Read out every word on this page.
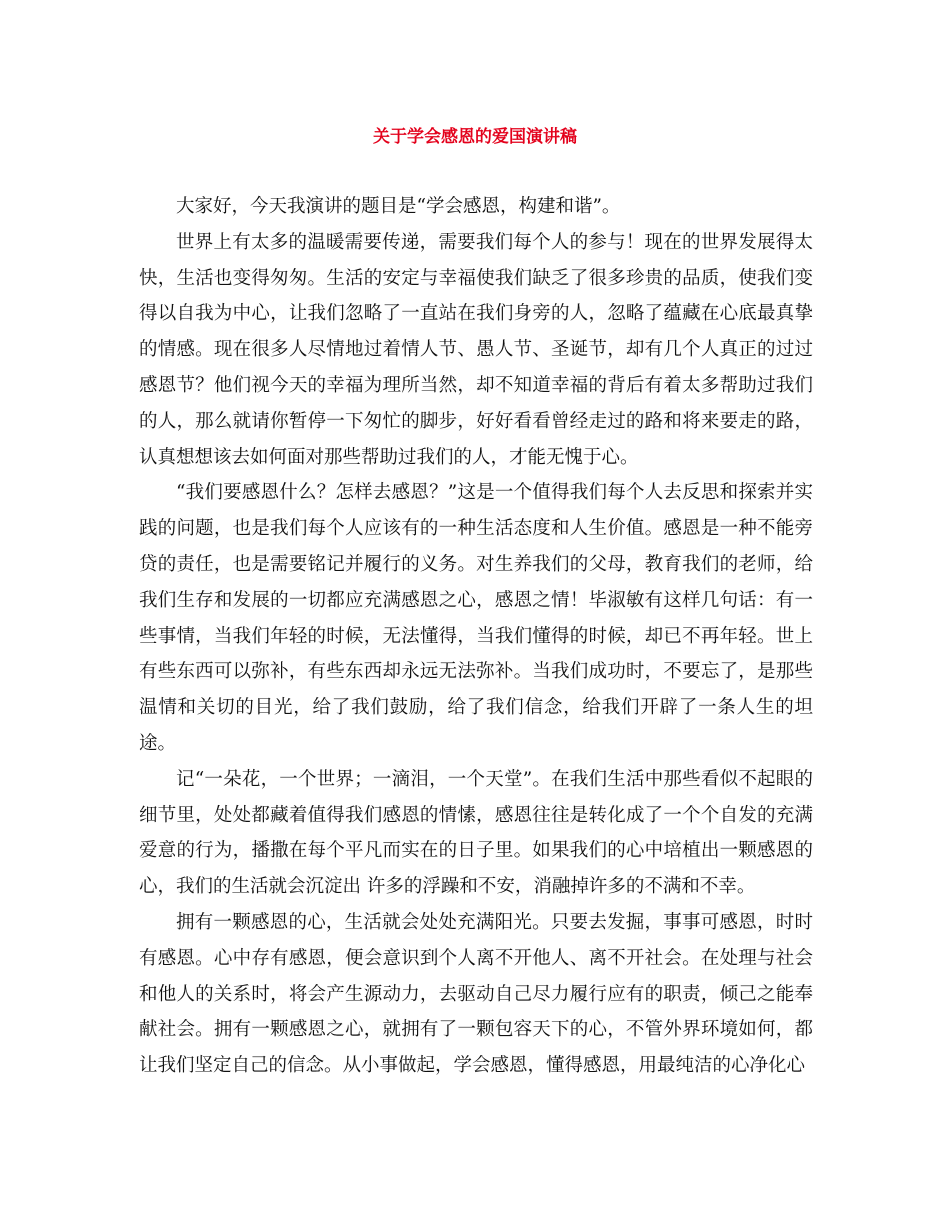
关于学会感恩的爱国演讲稿

大家好，今天我演讲的题目是“学会感恩，构建和谐”。

世界上有太多的温暖需要传递，需要我们每个人的参与！现在的世界发展得太快，生活也变得匆匆。生活的安定与幸福使我们缺乏了很多珍贵的品质，使我们变得以自我为中心，让我们忽略了一直站在我们身旁的人，忽略了蕴藏在心底最真挚的情感。现在很多人尽情地过着情人节、愚人节、圣诞节，却有几个人真正的过过感恩节？他们视今天的幸福为理所当然，却不知道幸福的背后有着太多帮助过我们的人，那么就请你暂停一下匆忙的脚步，好好看看曾经走过的路和将来要走的路，认真想想该去如何面对那些帮助过我们的人，才能无愧于心。

“我们要感恩什么？怎样去感恩？”这是一个值得我们每个人去反思和探索并实践的问题，也是我们每个人应该有的一种生活态度和人生价值。感恩是一种不能旁贷的责任，也是需要铭记并履行的义务。对生养我们的父母，教育我们的老师，给我们生存和发展的一切都应充满感恩之心，感恩之情！毕淑敏有这样几句话：有一些事情，当我们年轻的时候，无法懂得，当我们懂得的时候，却已不再年轻。世上有些东西可以弥补，有些东西却永远无法弥补。当我们成功时，不要忘了，是那些温情和关切的目光，给了我们鼓励，给了我们信念，给我们开辟了一条人生的坦途。

记“一朵花，一个世界；一滴泪，一个天堂”。在我们生活中那些看似不起眼的细节里，处处都藏着值得我们感恩的情愫，感恩往往是转化成了一个个自发的充满爱意的行为，播撒在每个平凡而实在的日子里。如果我们的心中培植出一颗感恩的心，我们的生活就会沉淀出 许多的浮躁和不安，消融掉许多的不满和不幸。

拥有一颗感恩的心，生活就会处处充满阳光。只要去发掘，事事可感恩，时时有感恩。心中存有感恩，便会意识到个人离不开他人、离不开社会。在处理与社会和他人的关系时，将会产生源动力，去驱动自己尽力履行应有的职责，倾己之能奉献社会。拥有一颗感恩之心，就拥有了一颗包容天下的心，不管外界环境如何，都让我们坚定自己的信念。从小事做起，学会感恩，懂得感恩，用最纯洁的心净化心
